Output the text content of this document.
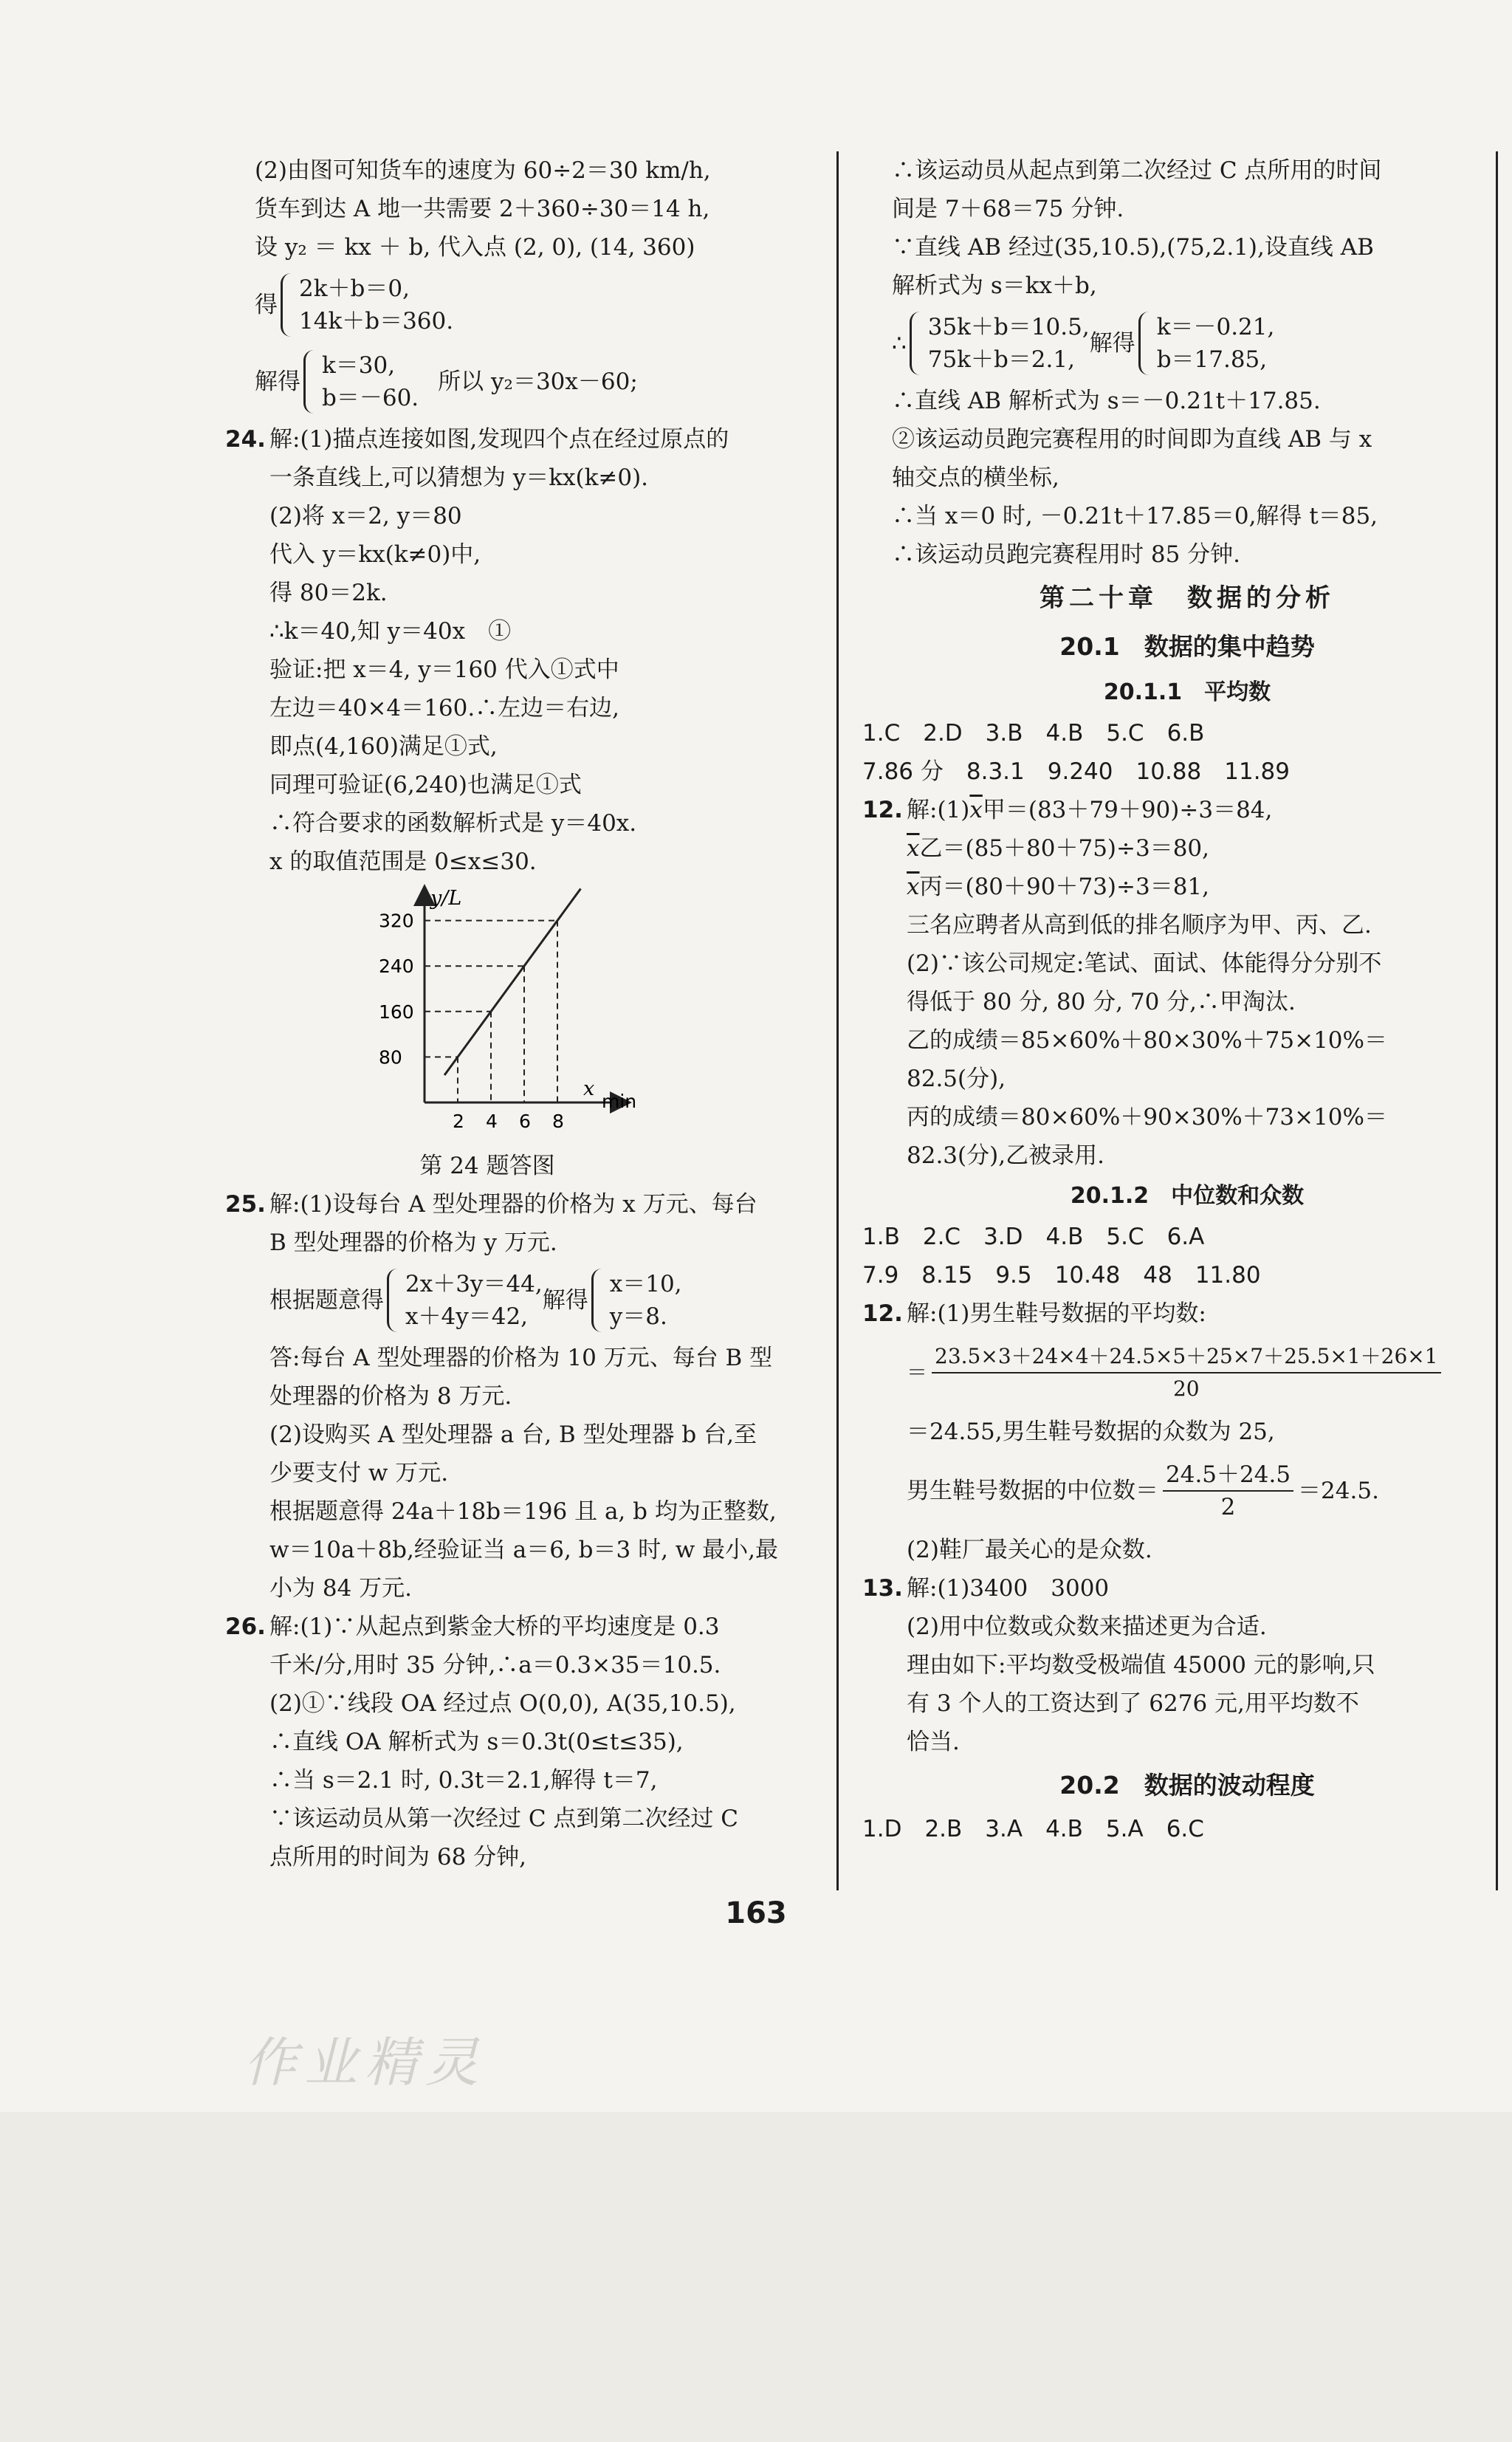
(2)由图可知货车的速度为 60÷2＝30 km/h,
货车到达 A 地一共需要 2＋360÷30＝14 h,
设 y₂ ＝ kx ＋ b, 代入点 (2, 0), (14, 360)
得
2k＋b＝0,
14k＋b＝360.
解得
k＝30,
b＝－60.
所以 y₂＝30x－60;
24. 解:(1)描点连接如图,发现四个点在经过原点的
一条直线上,可以猜想为 y＝kx(k≠0).
(2)将 x＝2, y＝80
代入 y＝kx(k≠0)中,
得 80＝2k.
∴k＝40,知 y＝40x　①
验证:把 x＝4, y＝160 代入①式中
左边＝40×4＝160.∴左边＝右边,
即点(4,160)满足①式,
同理可验证(6,240)也满足①式
∴符合要求的函数解析式是 y＝40x.
x 的取值范围是 0≤x≤30.
y/L
x
min
320
240
160
80
2 4 6 8
第 24 题答图
25. 解:(1)设每台 A 型处理器的价格为 x 万元、每台
B 型处理器的价格为 y 万元.
根据题意得
2x＋3y＝44,
x＋4y＝42,
解得
x＝10,
y＝8.
答:每台 A 型处理器的价格为 10 万元、每台 B 型
处理器的价格为 8 万元.
(2)设购买 A 型处理器 a 台, B 型处理器 b 台,至
少要支付 w 万元.
根据题意得 24a＋18b＝196 且 a, b 均为正整数,
w＝10a＋8b,经验证当 a＝6, b＝3 时, w 最小,最
小为 84 万元.
26. 解:(1)∵从起点到紫金大桥的平均速度是 0.3
千米/分,用时 35 分钟,∴a＝0.3×35＝10.5.
(2)①∵线段 OA 经过点 O(0,0), A(35,10.5),
∴直线 OA 解析式为 s＝0.3t(0≤t≤35),
∴当 s＝2.1 时, 0.3t＝2.1,解得 t＝7,
∵该运动员从第一次经过 C 点到第二次经过 C
点所用的时间为 68 分钟,
∴该运动员从起点到第二次经过 C 点所用的时间
间是 7＋68＝75 分钟.
∵直线 AB 经过(35,10.5),(75,2.1),设直线 AB
解析式为 s＝kx＋b,
∴
35k＋b＝10.5,
75k＋b＝2.1,
解得
k＝－0.21,
b＝17.85,
∴直线 AB 解析式为 s＝－0.21t＋17.85.
②该运动员跑完赛程用的时间即为直线 AB 与 x
轴交点的横坐标,
∴当 x＝0 时, －0.21t＋17.85＝0,解得 t＝85,
∴该运动员跑完赛程用时 85 分钟.
第二十章　数据的分析
20.1　数据的集中趋势
20.1.1　平均数
1.C　2.D　3.B　4.B　5.C　6.B
7.86 分　8.3.1　9.240　10.88　11.89
12. 解$:(1)\overline{x}$甲＝(83＋79＋90)÷3＝84,
$\overline{x}$乙＝(85＋80＋75)÷3＝80,
$\overline{x}$丙＝(80＋90＋73)÷3＝81,
三名应聘者从高到低的排名顺序为甲、丙、乙.
(2)∵该公司规定:笔试、面试、体能得分分别不
得低于 80 分, 80 分, 70 分,∴甲淘汰.
乙的成绩＝85×60%＋80×30%＋75×10%＝
82.5(分),
丙的成绩＝80×60%＋90×30%＋73×10%＝
82.3(分),乙被录用.
20.1.2　中位数和众数
1.B　2.C　3.D　4.B　5.C　6.A
7.9　8.15　9.5　10.48　48　11.80
12. 解:(1)男生鞋号数据的平均数:
＝ $\frac{23.5\times 3+24\times 4+24.5\times 5+25\times 7+25.5\times 1+26\times 1}{20}$
＝24.55,男生鞋号数据的众数为 25,
男生鞋号数据的中位数＝ $\frac{24.5+24.5}{2} =24.5$.
(2)鞋厂最关心的是众数.
13. 解:(1)3400　3000
(2)用中位数或众数来描述更为合适.
理由如下:平均数受极端值 45000 元的影响,只
有 3 个人的工资达到了 6276 元,用平均数不
恰当.
20.2　数据的波动程度
1.D　2.B　3.A　4.B　5.A　6.C
163
作业精灵
